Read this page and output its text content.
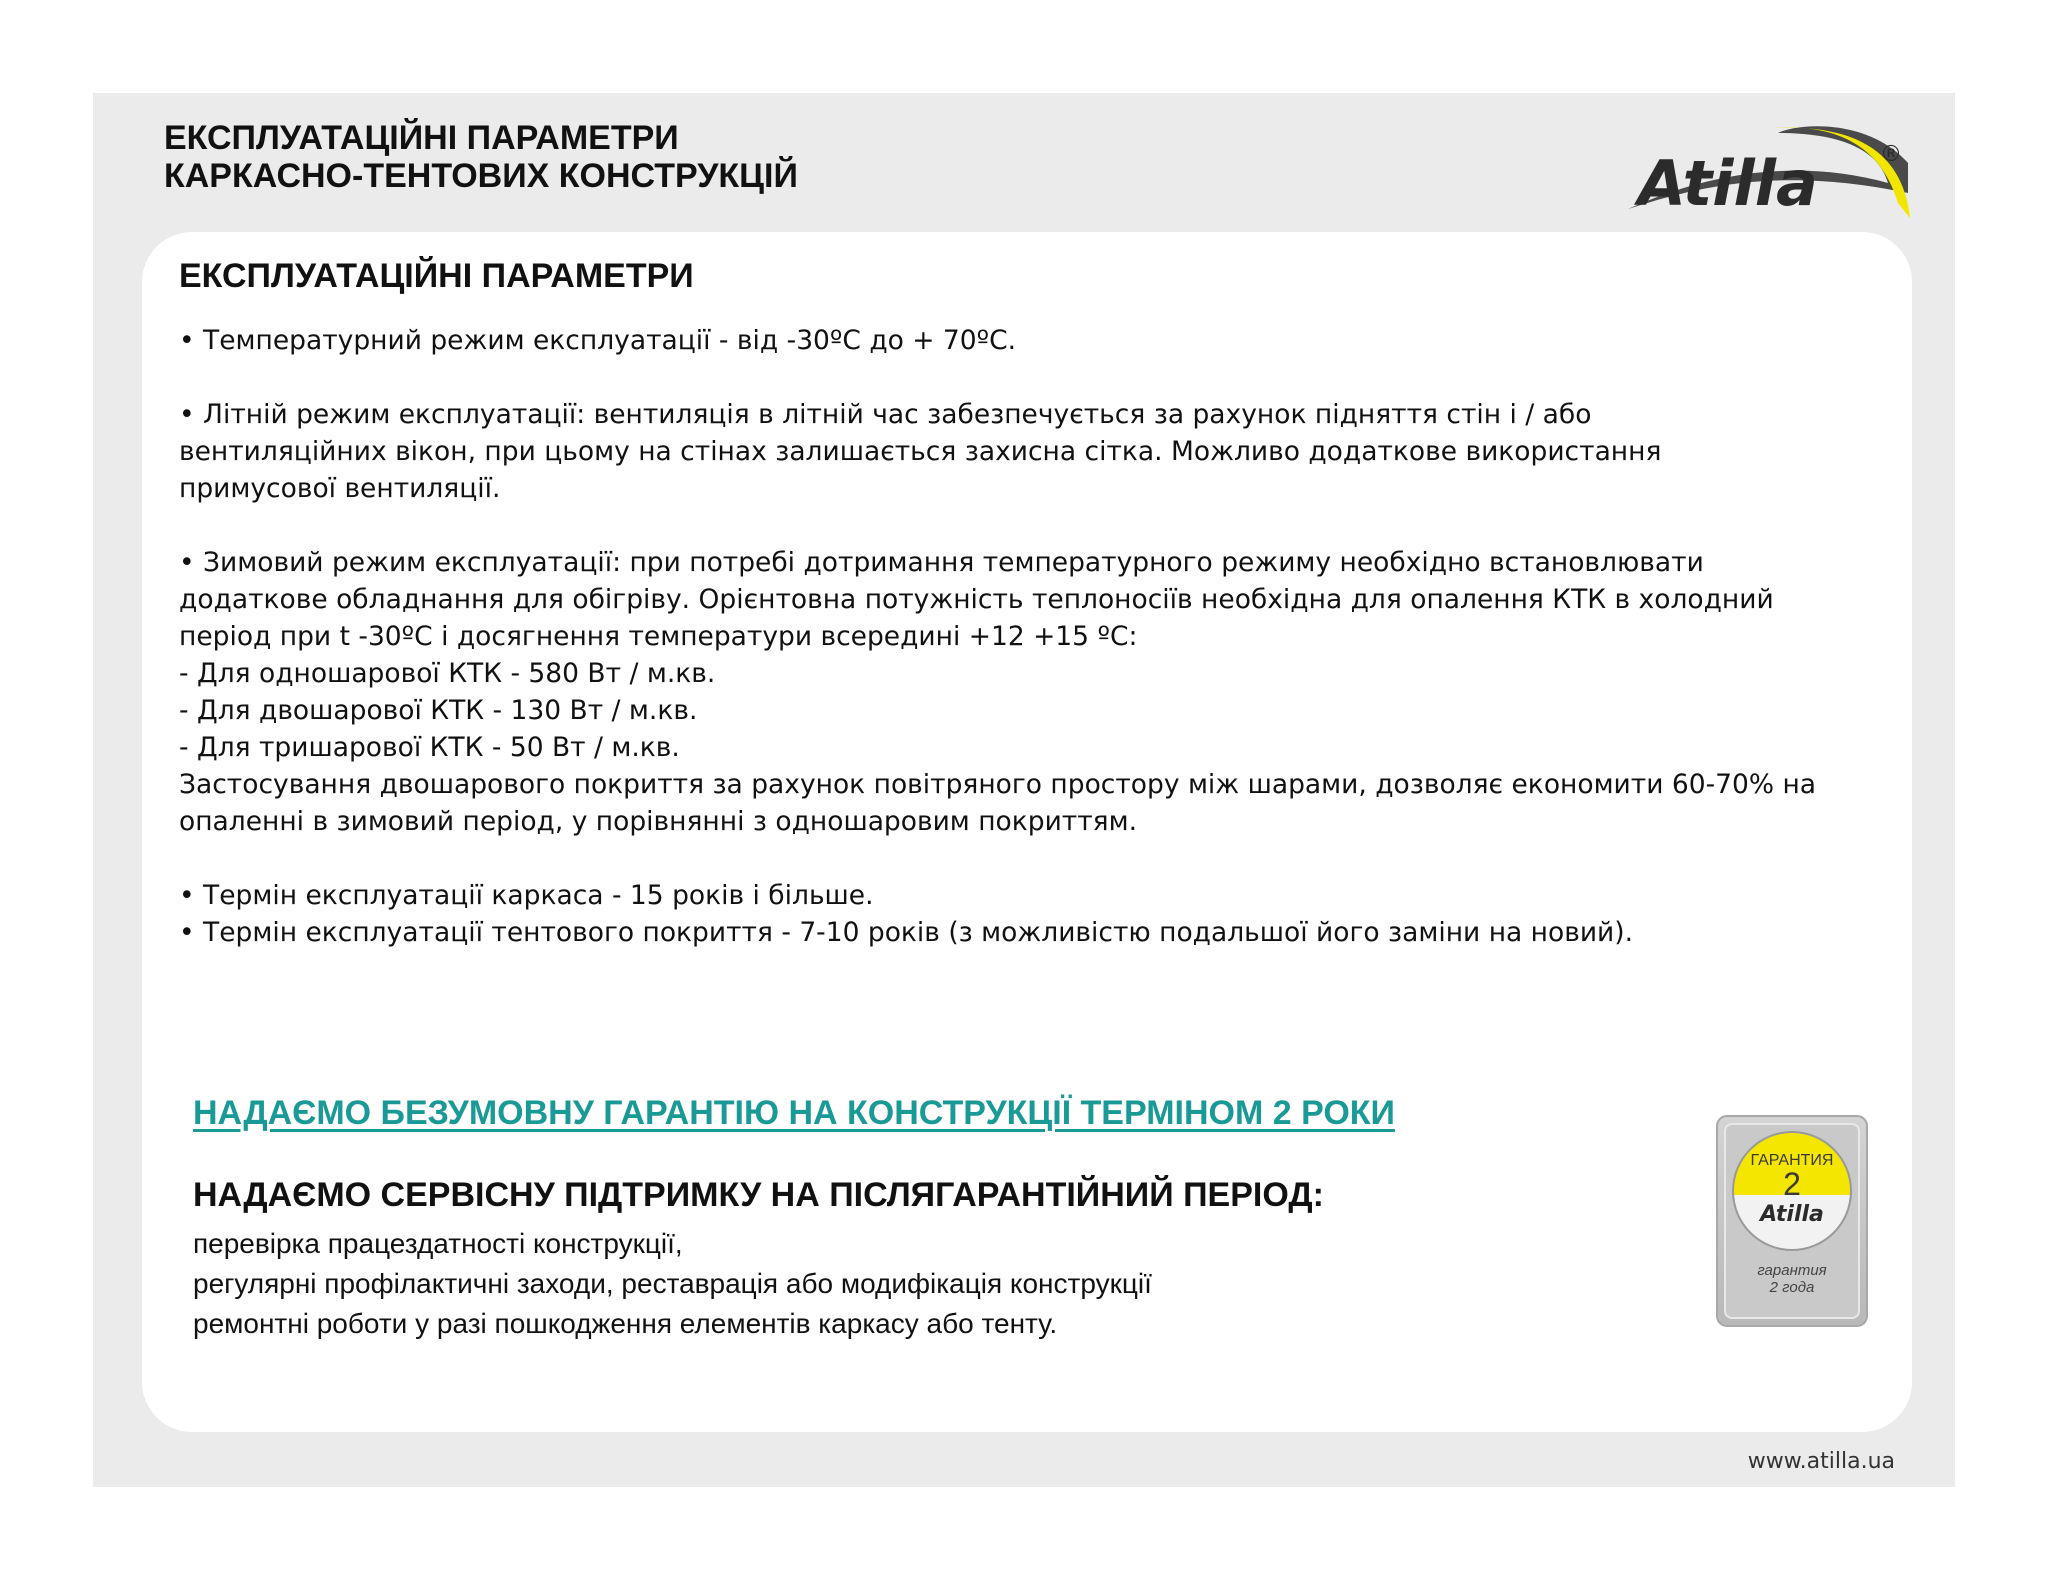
ЕКСПЛУАТАЦІЙНІ ПАРАМЕТРИ
КАРКАСНО-ТЕНТОВИХ КОНСТРУКЦІЙ	Atilla	®
ЕКСПЛУАТАЦІЙНІ ПАРАМЕТРИ

• Температурний режим експлуатації - від -30ºC до + 70ºC.

• Літній режим експлуатації: вентиляція в літній час забезпечується за рахунок підняття стін і / або
вентиляційних вікон, при цьому на стінах залишається захисна сітка. Можливо додаткове використання
примусової вентиляції.

• Зимовий режим експлуатації: при потребі дотримання температурного режиму необхідно встановлювати
додаткове обладнання для обігріву. Орієнтовна потужність теплоносіїв необхідна для опалення КТК в холодний
період при t -30ºC і досягнення температури всередині +12 +15 ºC:
- Для одношарової КТК - 580 Вт / м.кв.
- Для двошарової КТК - 130 Вт / м.кв.
- Для тришарової КТК - 50 Вт / м.кв.
Застосування двошарового покриття за рахунок повітряного простору між шарами, дозволяє економити 60-70% на
опаленні в зимовий період, у порівнянні з одношаровим покриттям.

• Термін експлуатації каркаса - 15 років і більше.
• Термін експлуатації тентового покриття - 7-10 років (з можливістю подальшої його заміни на новий).

НАДАЄМО БЕЗУМОВНУ ГАРАНТІЮ НА КОНСТРУКЦІЇ ТЕРМІНОМ 2 РОКИ
НАДАЄМО СЕРВІСНУ ПІДТРИМКУ НА ПІСЛЯГАРАНТІЙНИЙ ПЕРІОД:
перевірка працездатності конструкції,
регулярні профілактичні заходи, реставрація або модифікація конструкції
ремонтні роботи у разі пошкодження елементів каркасу або тенту.
ГАРАНТИЯ
2
Atilla
гарантия
2 года
www.atilla.ua
